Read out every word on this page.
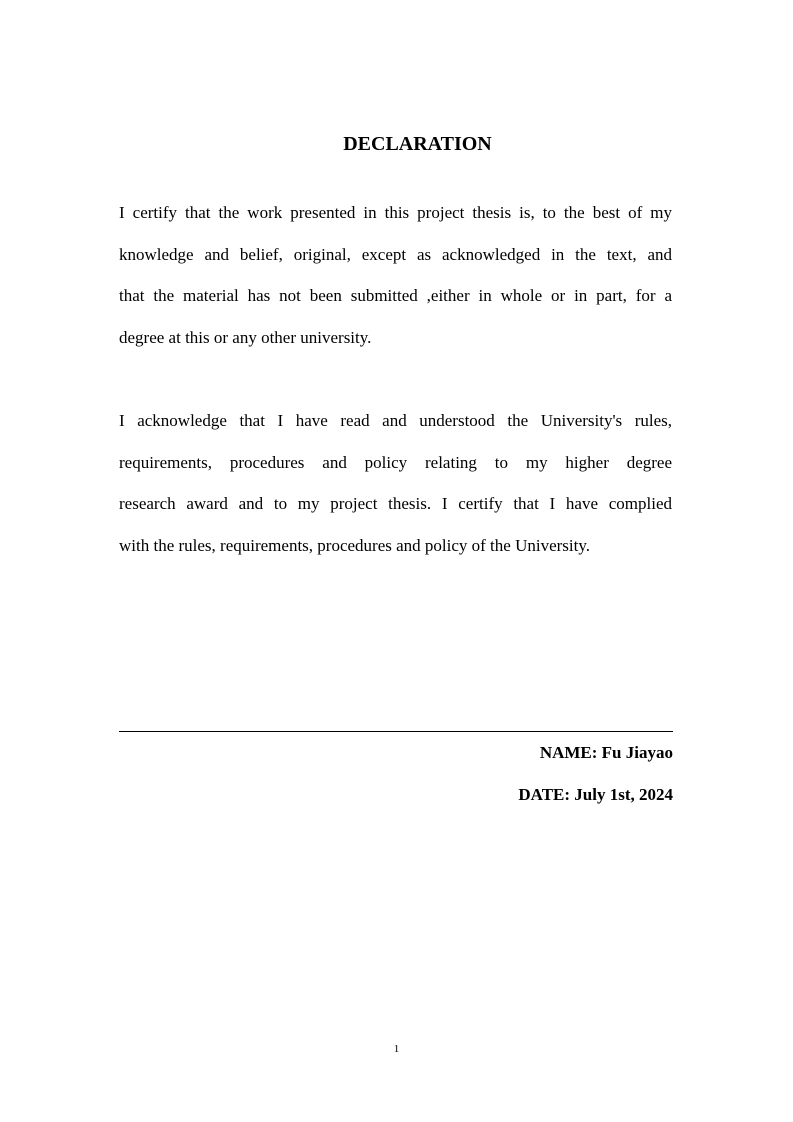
DECLARATION

I certify that the work presented in this project thesis is, to the best of my
knowledge and belief, original, except as acknowledged in the text, and
that the material has not been submitted ,either in whole or in part, for a
degree at this or any other university.

I acknowledge that I have read and understood the University's rules,
requirements, procedures and policy relating to my higher degree
research award and to my project thesis. I certify that I have complied
with the rules, requirements, procedures and policy of the University.

NAME: Fu Jiayao

DATE: July 1st, 2024

1
